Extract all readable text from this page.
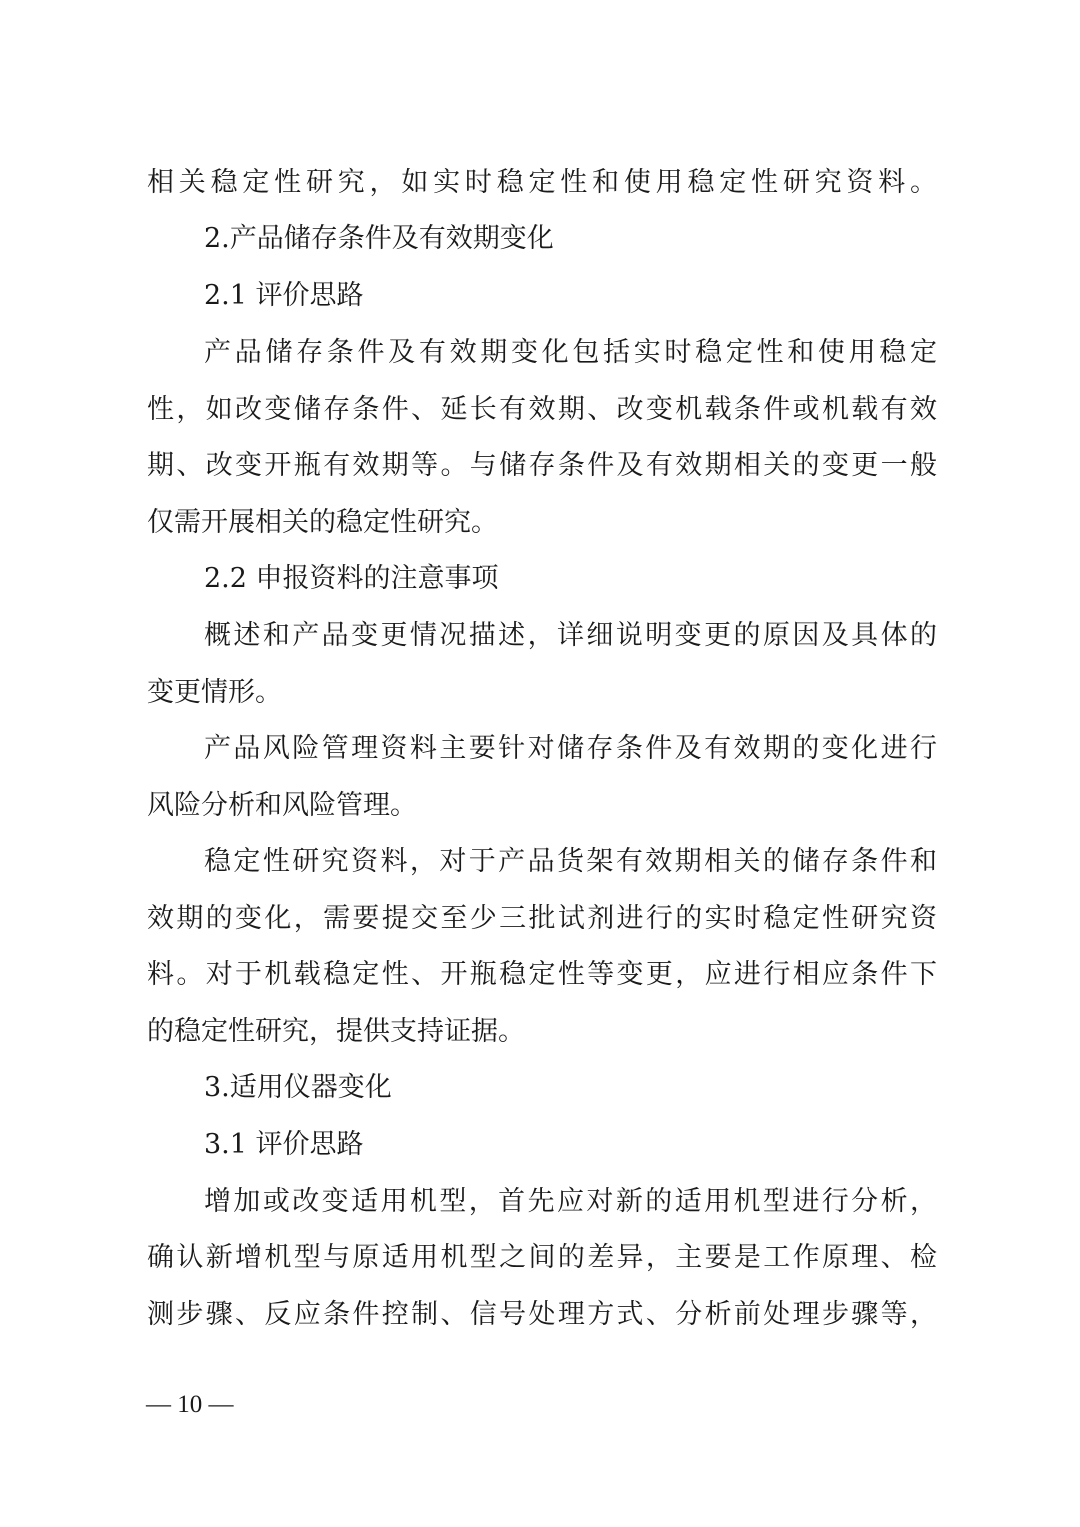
相关稳定性研究，如实时稳定性和使用稳定性研究资料。
2.产品储存条件及有效期变化
2.1 评价思路
产品储存条件及有效期变化包括实时稳定性和使用稳定
性，如改变储存条件、延长有效期、改变机载条件或机载有效
期、改变开瓶有效期等。与储存条件及有效期相关的变更一般
仅需开展相关的稳定性研究。
2.2 申报资料的注意事项
概述和产品变更情况描述，详细说明变更的原因及具体的
变更情形。
产品风险管理资料主要针对储存条件及有效期的变化进行
风险分析和风险管理。
稳定性研究资料，对于产品货架有效期相关的储存条件和
效期的变化，需要提交至少三批试剂进行的实时稳定性研究资
料。对于机载稳定性、开瓶稳定性等变更，应进行相应条件下
的稳定性研究，提供支持证据。
3.适用仪器变化
3.1 评价思路
增加或改变适用机型，首先应对新的适用机型进行分析，
确认新增机型与原适用机型之间的差异，主要是工作原理、检
测步骤、反应条件控制、信号处理方式、分析前处理步骤等，
— 10 —
